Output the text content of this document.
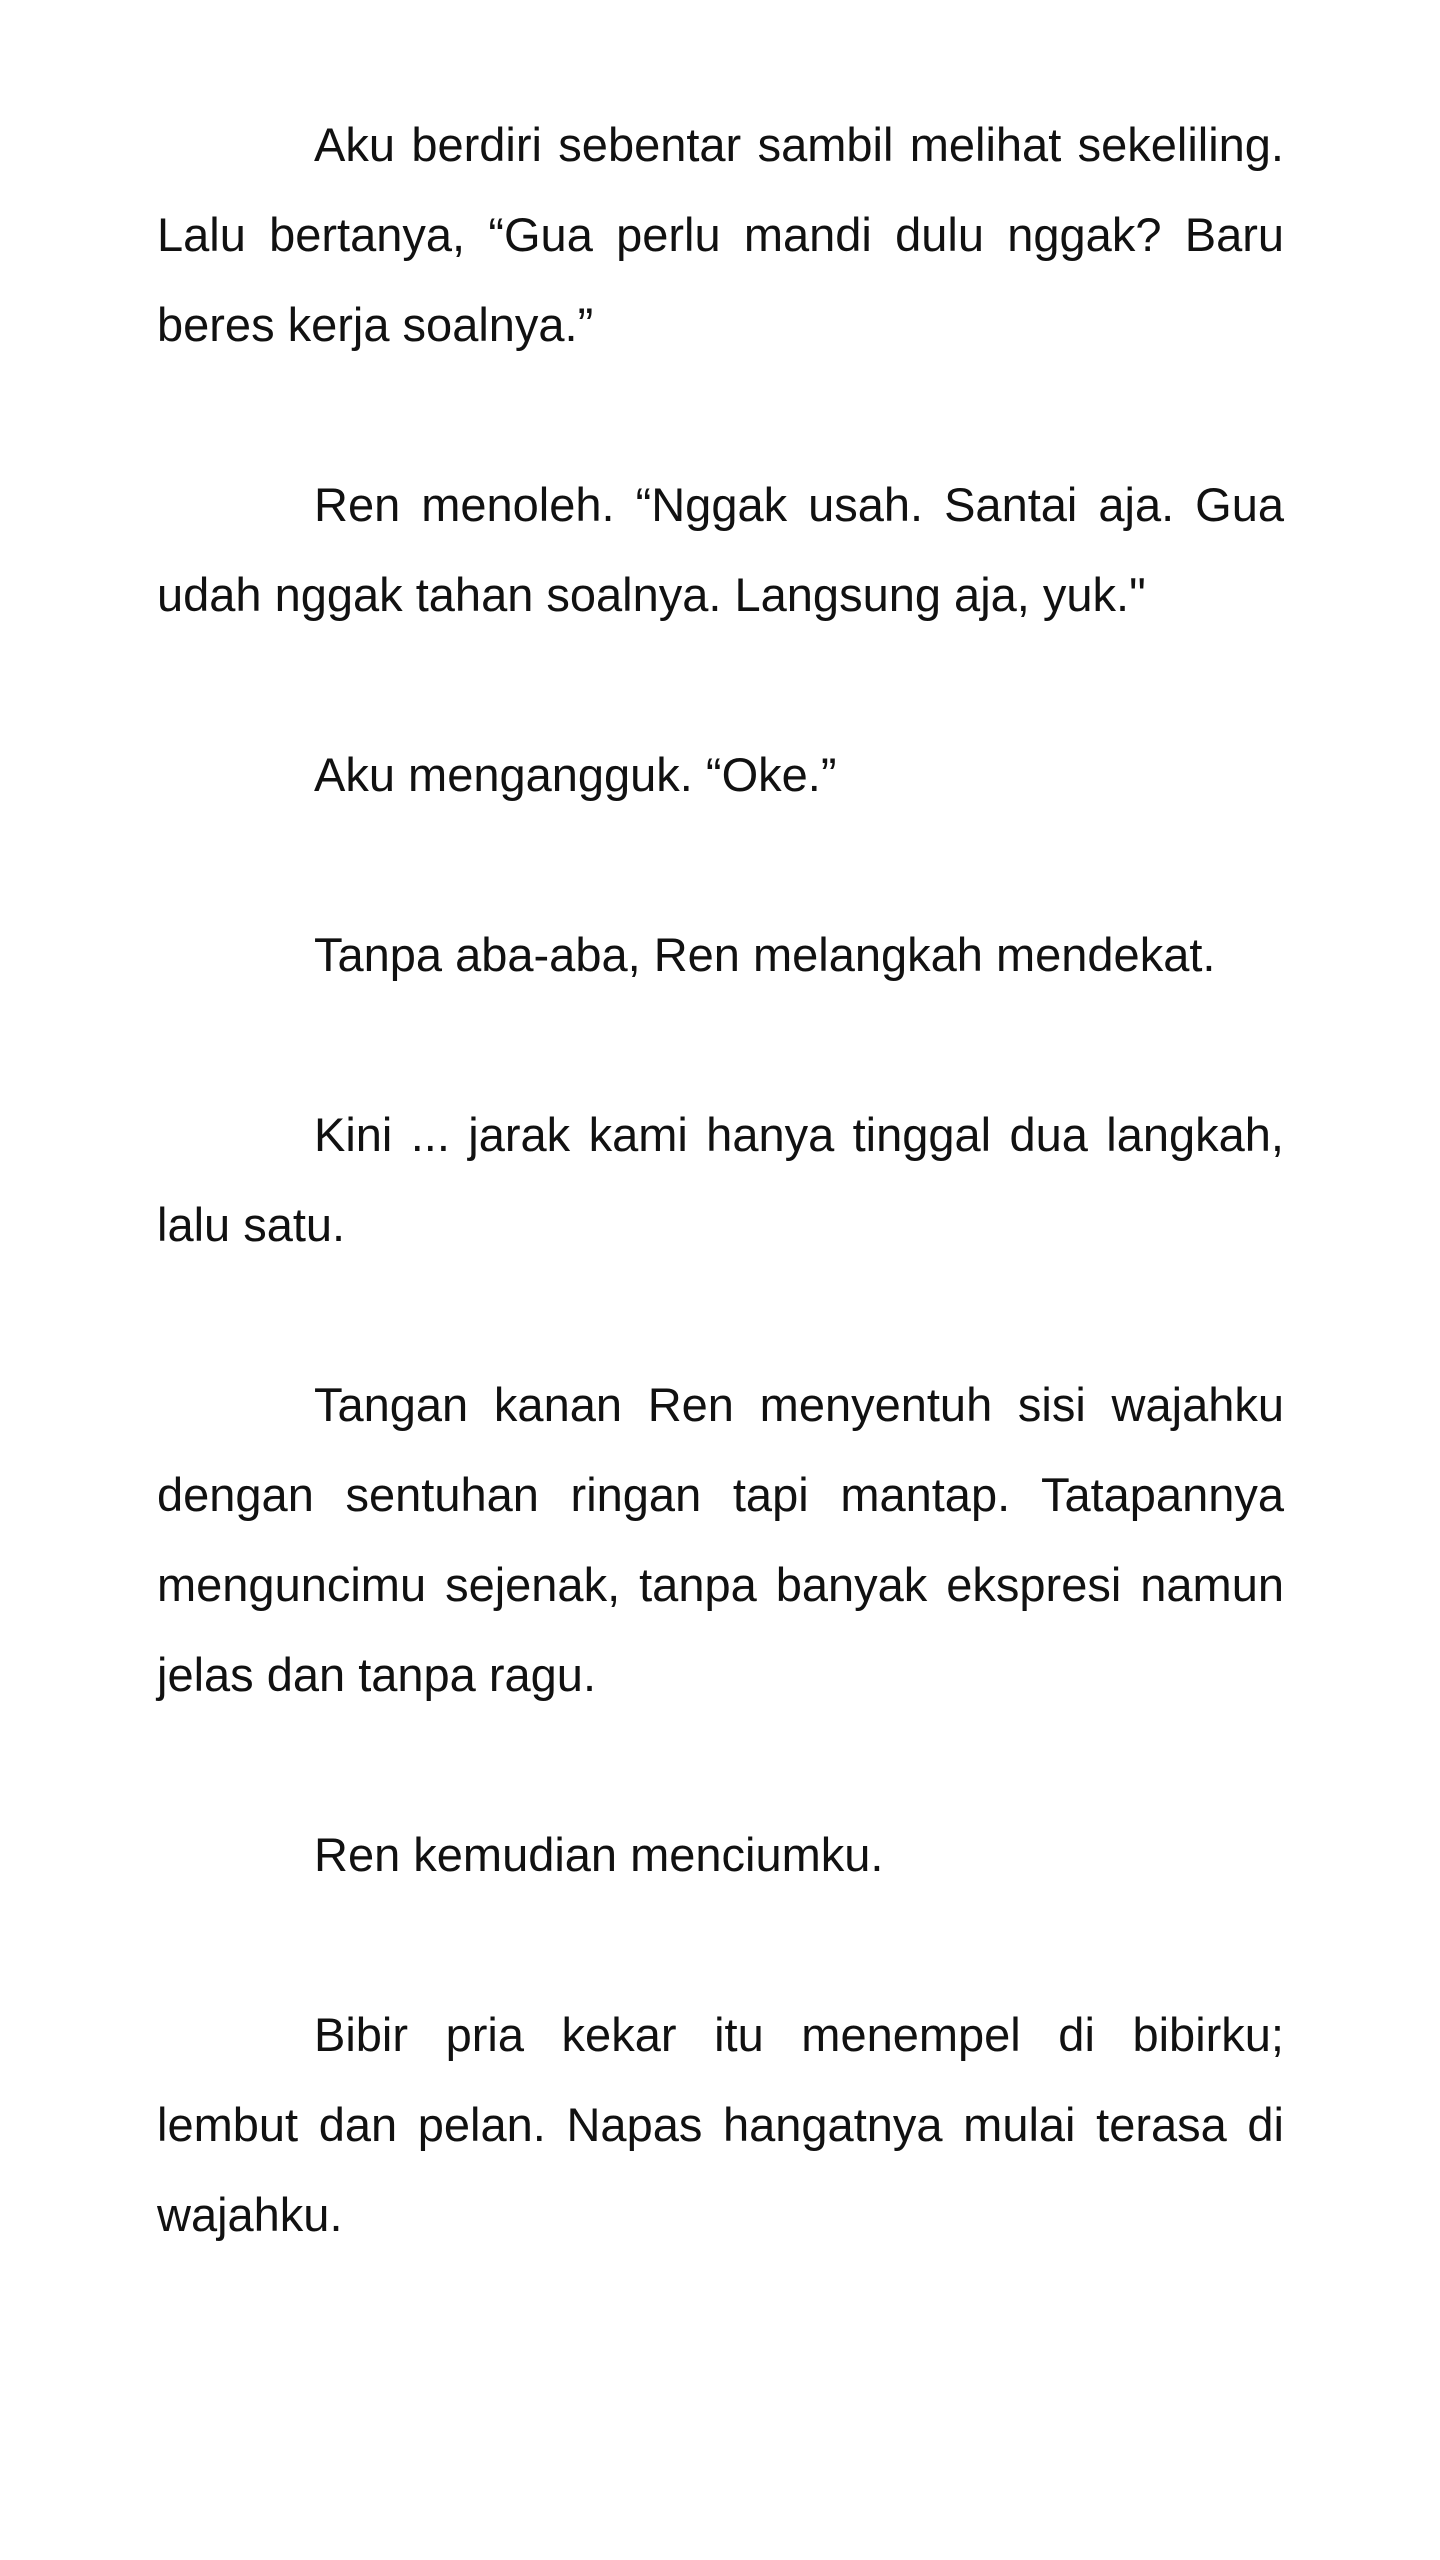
Aku berdiri sebentar sambil melihat sekeliling. Lalu bertanya, “Gua perlu mandi dulu nggak? Baru beres kerja soalnya.”

Ren menoleh. “Nggak usah. Santai aja. Gua udah nggak tahan soalnya. Langsung aja, yuk."

Aku mengangguk. “Oke.”

Tanpa aba-aba, Ren melangkah mendekat.

Kini ... jarak kami hanya tinggal dua langkah, lalu satu.

Tangan kanan Ren menyentuh sisi wajahku dengan sentuhan ringan tapi mantap. Tatapannya menguncimu sejenak, tanpa banyak ekspresi namun jelas dan tanpa ragu.

Ren kemudian menciumku.

Bibir pria kekar itu menempel di bibirku; lembut dan pelan. Napas hangatnya mulai terasa di wajahku.
